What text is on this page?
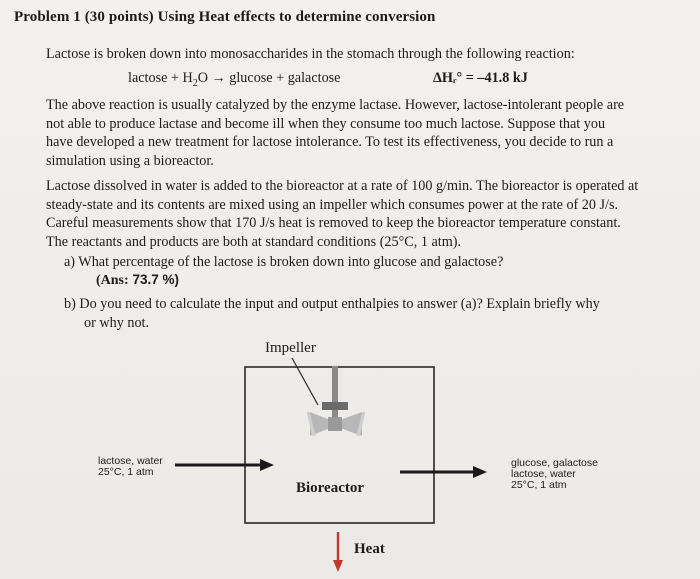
Problem 1 (30 points) Using Heat effects to determine conversion
Lactose is broken down into monosaccharides in the stomach through the following reaction:
lactose + $H_2O \to glucose$ + galactose	ΔHᵣ° = –41.8 kJ
The above reaction is usually catalyzed by the enzyme lactase. However, lactose-intolerant people are not able to produce lactase and become ill when they consume too much lactose. Suppose that you have developed a new treatment for lactose intolerance. To test its effectiveness, you decide to run a simulation using a bioreactor.
Lactose dissolved in water is added to the bioreactor at a rate of 100 g/min. The bioreactor is operated at steady-state and its contents are mixed using an impeller which consumes power at the rate of 20 J/s. Careful measurements show that 170 J/s heat is removed to keep the bioreactor temperature constant. The reactants and products are both at standard conditions (25°C, 1 atm).
a) What percentage of the lactose is broken down into glucose and galactose?
(Ans: 73.7 %)
b) Do you need to calculate the input and output enthalpies to answer (a)? Explain briefly why
or why not.
Impeller
Bioreactor
Heat
lactose, water
25°C, 1 atm
glucose, galactose
lactose, water
25°C, 1 atm
